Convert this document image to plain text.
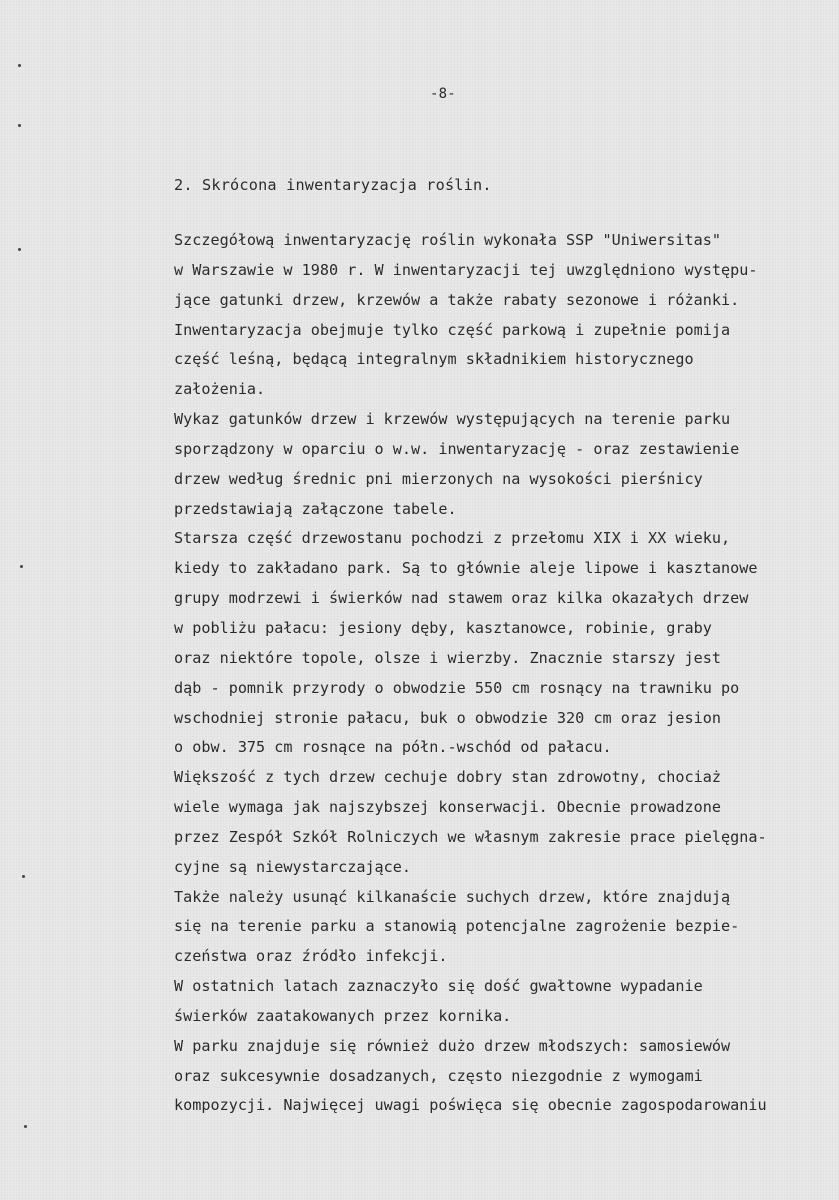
-8-
2. Skrócona inwentaryzacja roślin.
Szczegółową inwentaryzację roślin wykonała SSP "Uniwersitas"
w Warszawie w 1980 r. W inwentaryzacji tej uwzględniono występu-
jące gatunki drzew, krzewów a także rabaty sezonowe i różanki.
Inwentaryzacja obejmuje tylko część parkową i zupełnie pomija
część leśną, będącą integralnym składnikiem historycznego
założenia.
Wykaz gatunków drzew i krzewów występujących na terenie parku
sporządzony w oparciu o w.w. inwentaryzację - oraz zestawienie
drzew według średnic pni mierzonych na wysokości pierśnicy
przedstawiają załączone tabele.
Starsza część drzewostanu pochodzi z przełomu XIX i XX wieku,
kiedy to zakładano park. Są to głównie aleje lipowe i kasztanowe
grupy modrzewi i świerków nad stawem oraz kilka okazałych drzew
w pobliżu pałacu: jesiony dęby, kasztanowce, robinie, graby
oraz niektóre topole, olsze i wierzby. Znacznie starszy jest
dąb - pomnik przyrody o obwodzie 550 cm rosnący na trawniku po
wschodniej stronie pałacu, buk o obwodzie 320 cm oraz jesion
o obw. 375 cm rosnące na półn.-wschód od pałacu.
Większość z tych drzew cechuje dobry stan zdrowotny, chociaż
wiele wymaga jak najszybszej konserwacji. Obecnie prowadzone
przez Zespół Szkół Rolniczych we własnym zakresie prace pielęgna-
cyjne są niewystarczające.
Także należy usunąć kilkanaście suchych drzew, które znajdują
się na terenie parku a stanowią potencjalne zagrożenie bezpie-
czeństwa oraz źródło infekcji.
W ostatnich latach zaznaczyło się dość gwałtowne wypadanie
świerków zaatakowanych przez kornika.
W parku znajduje się również dużo drzew młodszych: samosiewów
oraz sukcesywnie dosadzanych, często niezgodnie z wymogami
kompozycji. Najwięcej uwagi poświęca się obecnie zagospodarowaniu
